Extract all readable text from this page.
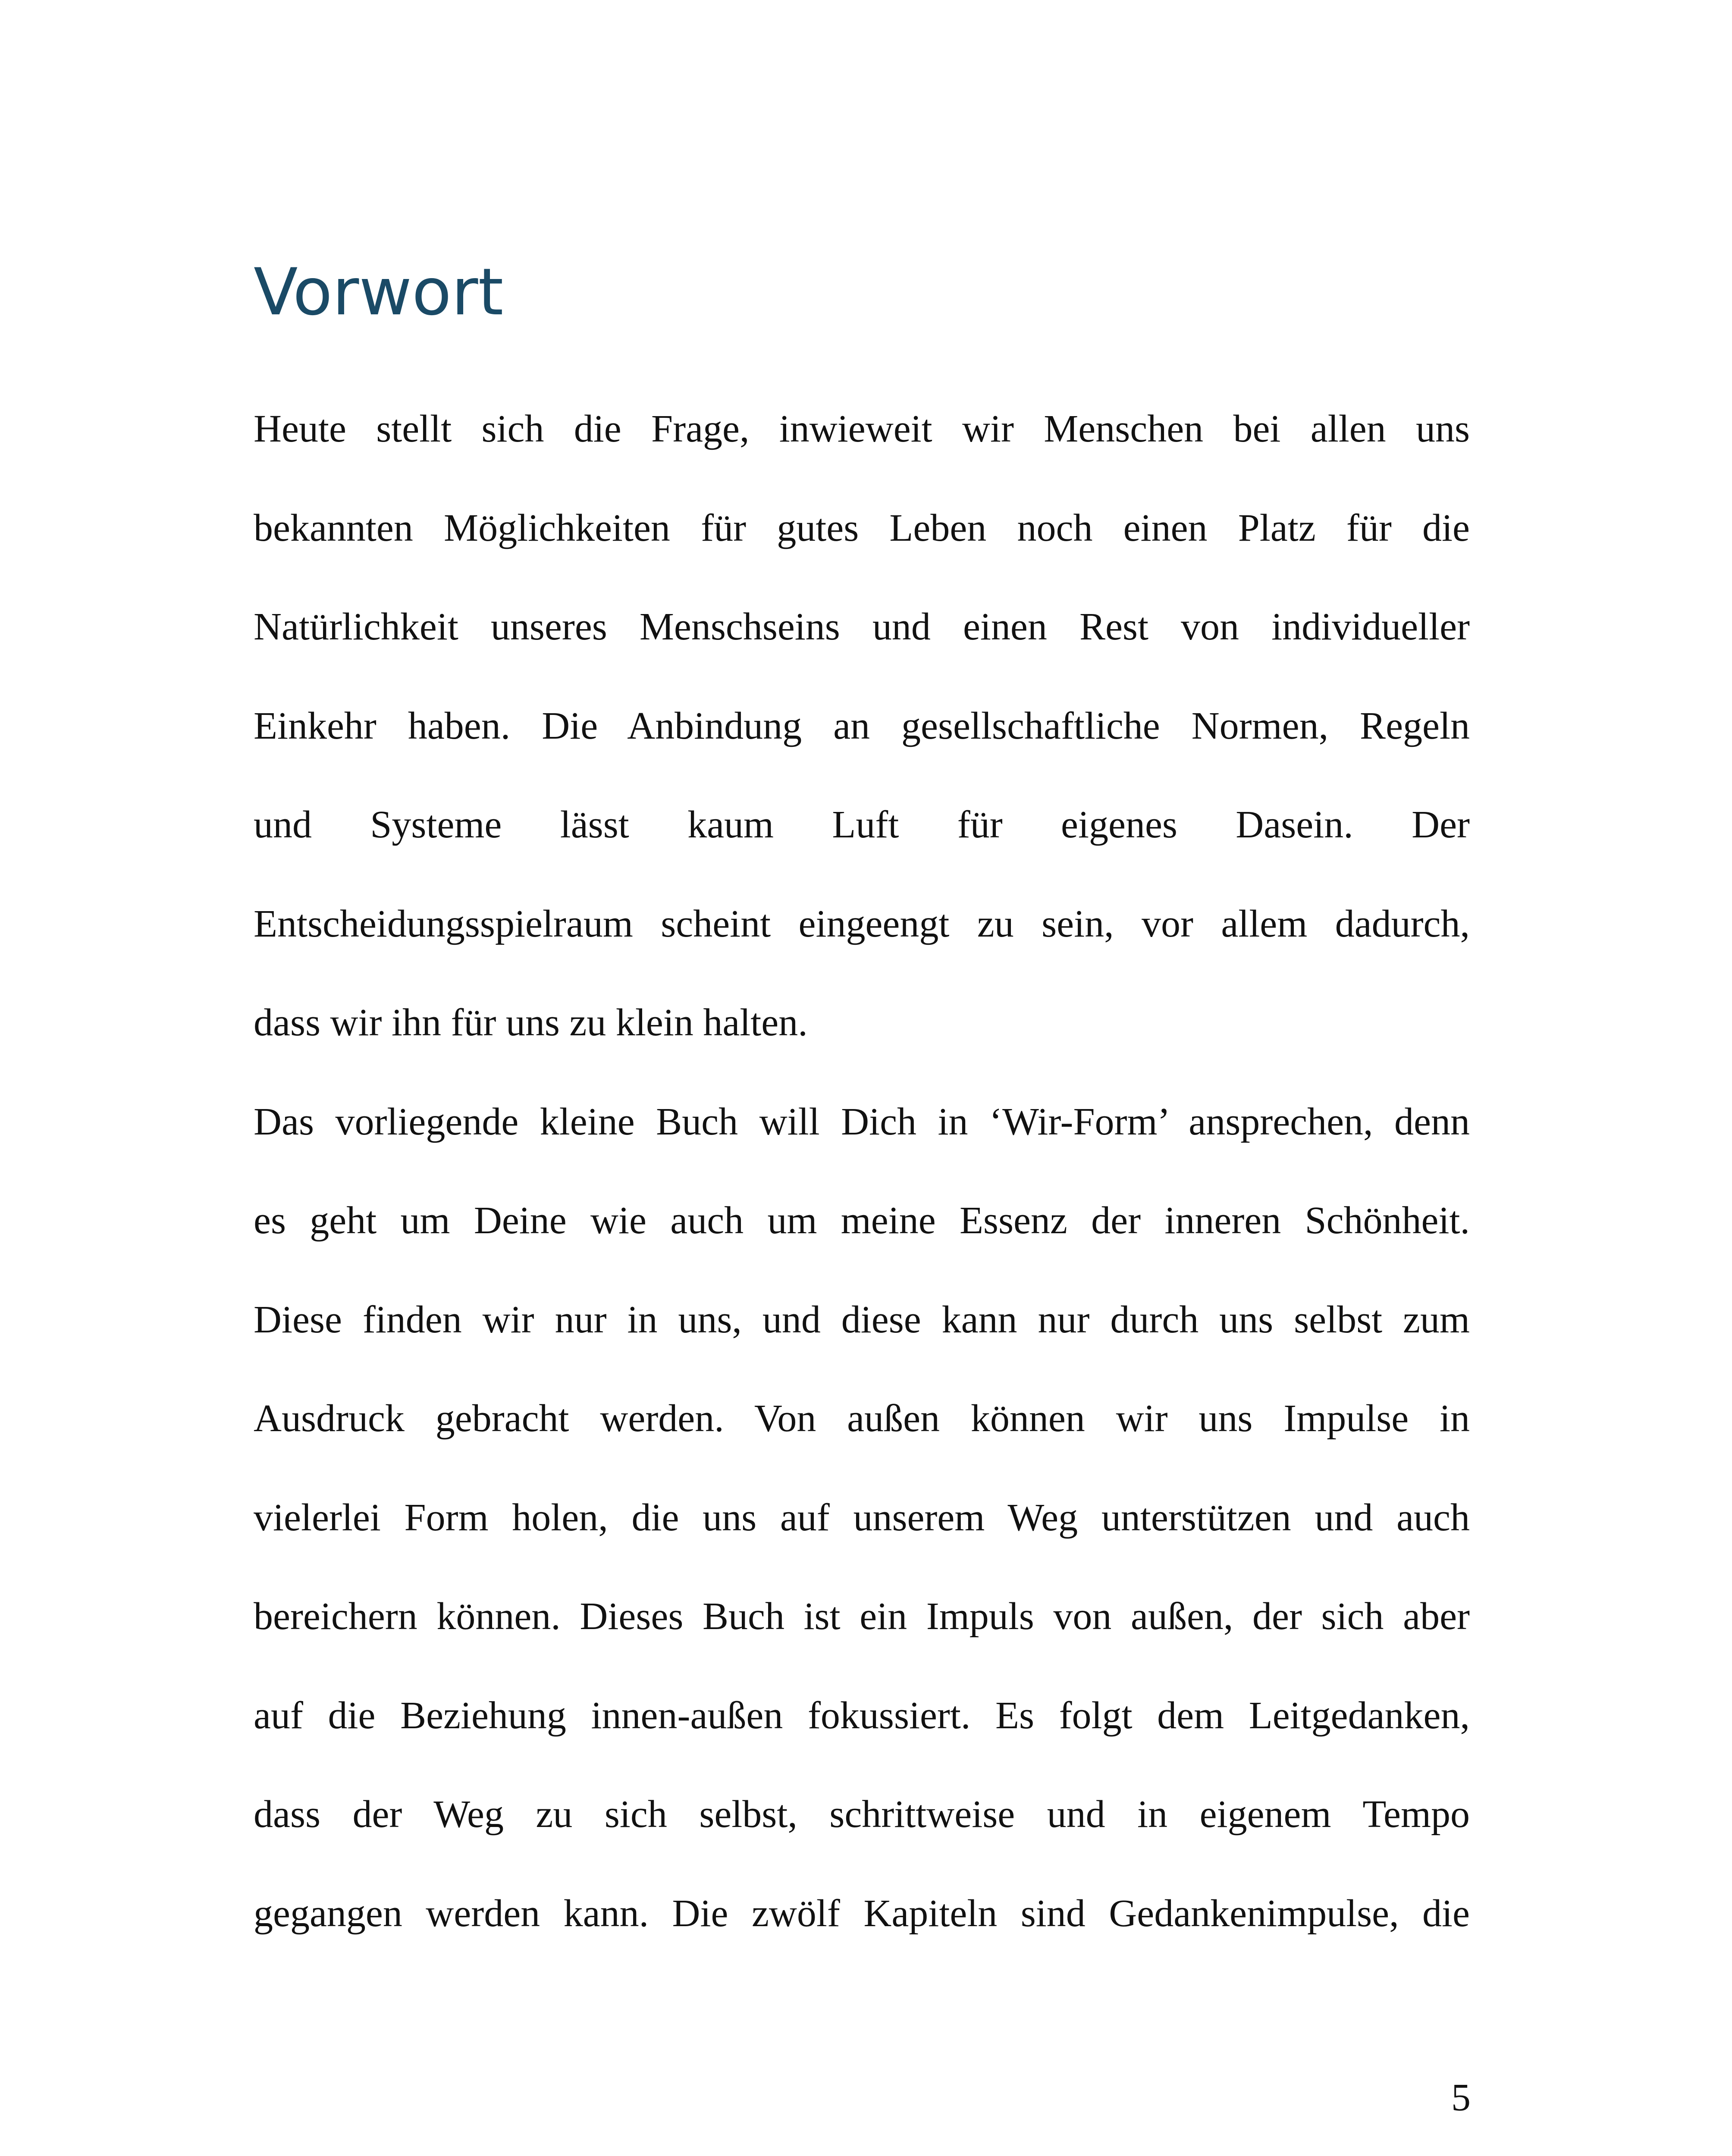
Vorwort
Heute stellt sich die Frage, inwieweit wir Menschen bei allen uns
bekannten Möglichkeiten für gutes Leben noch einen Platz für die
Natürlichkeit unseres Menschseins und einen Rest von individueller
Einkehr haben. Die Anbindung an gesellschaftliche Normen, Regeln
und Systeme lässt kaum Luft für eigenes Dasein. Der
Entscheidungsspielraum scheint eingeengt zu sein, vor allem dadurch,
dass wir ihn für uns zu klein halten.
Das vorliegende kleine Buch will Dich in ‘Wir-Form’ ansprechen, denn
es geht um Deine wie auch um meine Essenz der inneren Schönheit.
Diese finden wir nur in uns, und diese kann nur durch uns selbst zum
Ausdruck gebracht werden. Von außen können wir uns Impulse in
vielerlei Form holen, die uns auf unserem Weg unterstützen und auch
bereichern können. Dieses Buch ist ein Impuls von außen, der sich aber
auf die Beziehung innen-außen fokussiert. Es folgt dem Leitgedanken,
dass der Weg zu sich selbst, schrittweise und in eigenem Tempo
gegangen werden kann. Die zwölf Kapiteln sind Gedankenimpulse, die
5
